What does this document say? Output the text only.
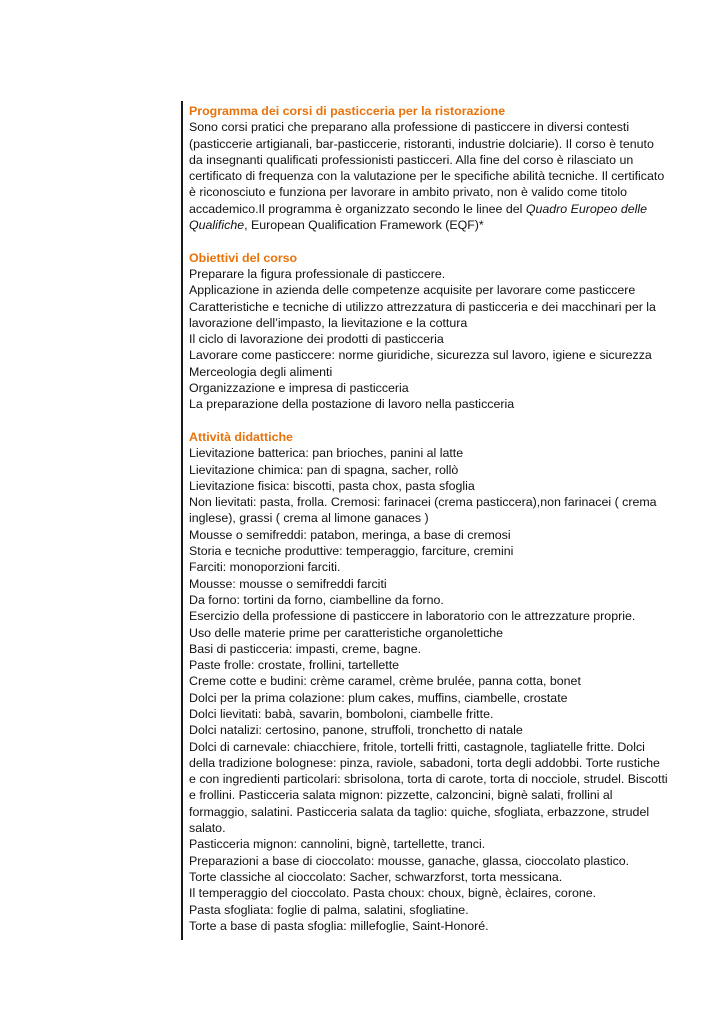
Programma dei corsi di pasticceria per la ristorazione

Sono corsi pratici che preparano alla professione di pasticcere in diversi contesti (pasticcerie artigianali, bar-pasticcerie, ristoranti, industrie dolciarie). Il corso è tenuto da insegnanti qualificati professionisti pasticceri. Alla fine del corso è rilasciato un certificato di frequenza con la valutazione per le specifiche abilità tecniche. Il certificato è riconosciuto e funziona per lavorare in ambito privato, non è valido come titolo accademico.Il programma è organizzato secondo le linee del Quadro Europeo delle Qualifiche, European Qualification Framework (EQF)*

Obiettivi del corso

Preparare la figura professionale di pasticcere.

Applicazione in azienda delle competenze acquisite per lavorare come pasticcere

Caratteristiche e tecniche di utilizzo attrezzatura di pasticceria e dei macchinari per la lavorazione dell’impasto, la lievitazione e la cottura

Il ciclo di lavorazione dei prodotti di pasticceria

Lavorare come pasticcere: norme giuridiche, sicurezza sul lavoro, igiene e sicurezza

Merceologia degli alimenti

Organizzazione e impresa di pasticceria

La preparazione della postazione di lavoro nella pasticceria

Attività didattiche

Lievitazione batterica: pan brioches, panini al latte

Lievitazione chimica: pan di spagna, sacher, rollò

Lievitazione fisica: biscotti, pasta chox, pasta sfoglia

Non lievitati: pasta, frolla. Cremosi: farinacei (crema pasticcera),non farinacei ( crema inglese), grassi ( crema al limone ganaces )

Mousse o semifreddi: patabon, meringa, a base di cremosi

Storia e tecniche produttive: temperaggio, farciture, cremini

Farciti: monoporzioni farciti.

Mousse: mousse o semifreddi farciti

Da forno: tortini da forno, ciambelline da forno.

Esercizio della professione di pasticcere in laboratorio con le attrezzature proprie.

Uso delle materie prime per caratteristiche organolettiche

Basi di pasticceria: impasti, creme, bagne.

Paste frolle: crostate, frollini, tartellette

Creme cotte e budini: crème caramel, crème brulée, panna cotta, bonet

Dolci per la prima colazione: plum cakes, muffins, ciambelle, crostate

Dolci lievitati: babà, savarin, bomboloni, ciambelle fritte.

Dolci natalizi: certosino, panone, struffoli, tronchetto di natale

Dolci di carnevale: chiacchiere, fritole, tortelli fritti, castagnole, tagliatelle fritte. Dolci della tradizione bolognese: pinza, raviole, sabadoni, torta degli addobbi. Torte rustiche e con ingredienti particolari: sbrisolona, torta di carote, torta di nocciole, strudel. Biscotti e frollini. Pasticceria salata mignon: pizzette, calzoncini, bignè salati, frollini al formaggio, salatini. Pasticceria salata da taglio: quiche, sfogliata, erbazzone, strudel salato.

Pasticceria mignon: cannolini, bignè, tartellette, tranci.

Preparazioni a base di cioccolato: mousse, ganache, glassa, cioccolato plastico.

Torte classiche al cioccolato: Sacher, schwarzforst, torta messicana.

Il temperaggio del cioccolato. Pasta choux: choux, bignè, èclaires, corone.

Pasta sfogliata: foglie di palma, salatini, sfogliatine.

Torte a base di pasta sfoglia: millefoglie, Saint-Honoré.
